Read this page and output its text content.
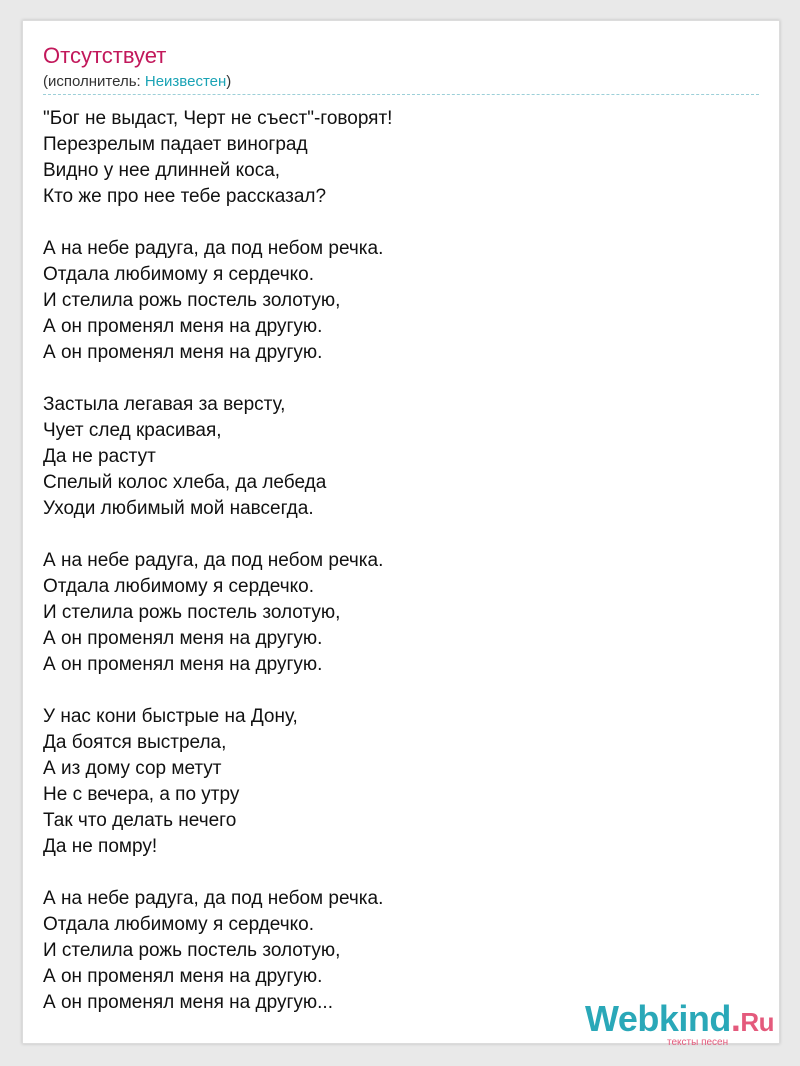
Отсутствует
(исполнитель: Неизвестен)
"Бог не выдаст, Черт не съест"-говорят!
Перезрелым падает виноград
Видно у нее длинней коса,
Кто же про нее тебе рассказал?
А на небе радуга, да под небом речка.
Отдала любимому я сердечко.
И стелила рожь постель золотую,
А он променял меня на другую.
А он променял меня на другую.
Застыла легавая за версту,
Чует след красивая,
Да не растут
Спелый колос хлеба, да лебеда
Уходи любимый мой навсегда.
А на небе радуга, да под небом речка.
Отдала любимому я сердечко.
И стелила рожь постель золотую,
А он променял меня на другую.
А он променял меня на другую.
У нас кони быстрые на Дону,
Да боятся выстрела,
А из дому сор метут
Не с вечера, а по утру
Так что делать нечего
Да не помру!
А на небе радуга, да под небом речка.
Отдала любимому я сердечко.
И стелила рожь постель золотую,
А он променял меня на другую.
А он променял меня на другую...	Webkind.Ru
тексты песен
